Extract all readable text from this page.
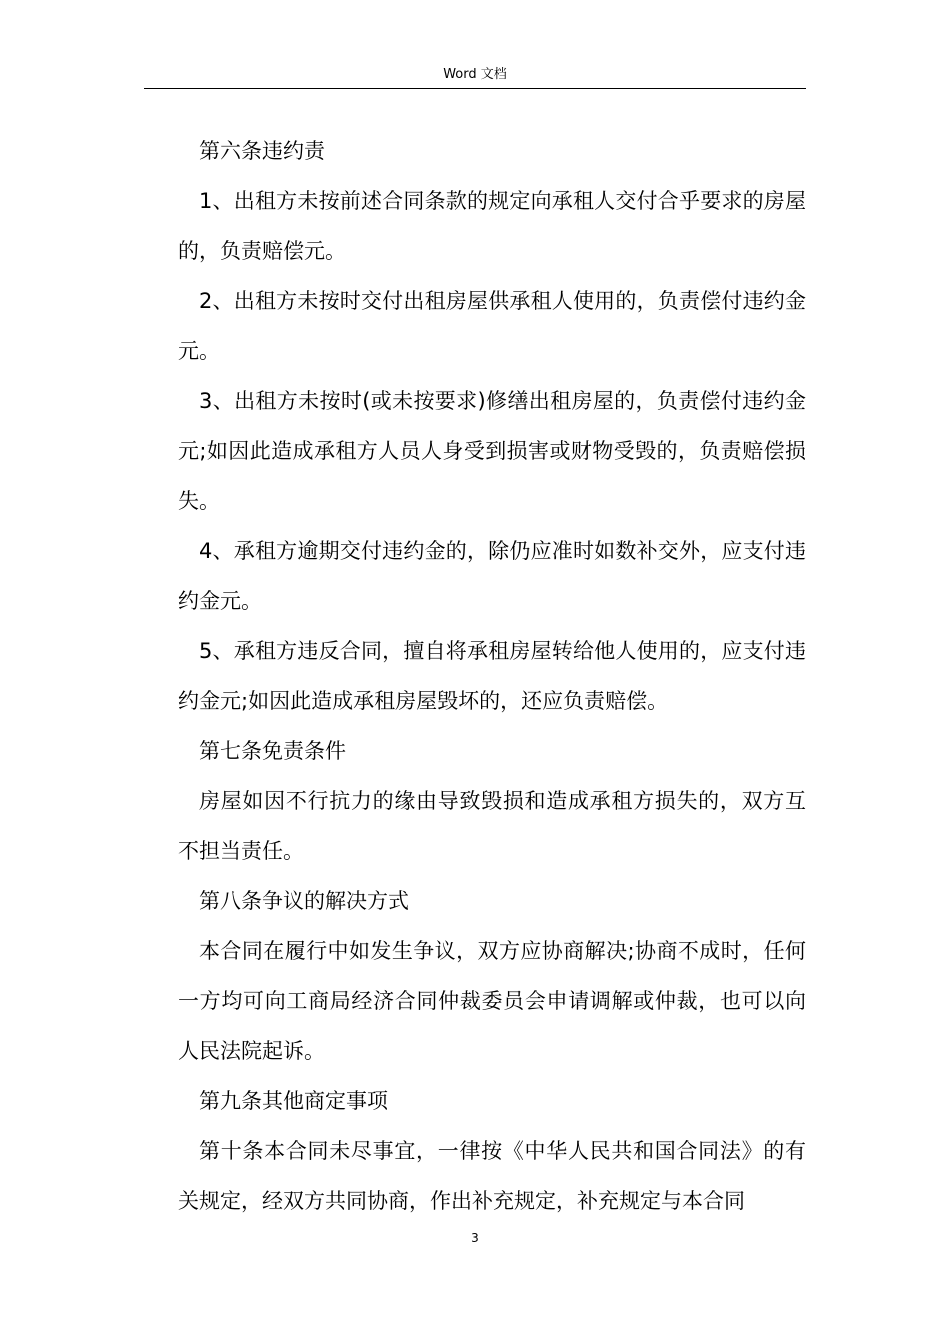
Word 文档

第六条违约责

1、出租方未按前述合同条款的规定向承租人交付合乎要求的房屋的，负责赔偿元。

2、出租方未按时交付出租房屋供承租人使用的，负责偿付违约金元。

3、出租方未按时(或未按要求)修缮出租房屋的，负责偿付违约金元;如因此造成承租方人员人身受到损害或财物受毁的，负责赔偿损失。

4、承租方逾期交付违约金的，除仍应准时如数补交外，应支付违约金元。

5、承租方违反合同，擅自将承租房屋转给他人使用的，应支付违约金元;如因此造成承租房屋毁坏的，还应负责赔偿。

第七条免责条件

房屋如因不行抗力的缘由导致毁损和造成承租方损失的，双方互不担当责任。

第八条争议的解决方式

本合同在履行中如发生争议，双方应协商解决;协商不成时，任何一方均可向工商局经济合同仲裁委员会申请调解或仲裁，也可以向人民法院起诉。

第九条其他商定事项

第十条本合同未尽事宜，一律按《中华人民共和国合同法》的有关规定，经双方共同协商，作出补充规定，补充规定与本合同

3
